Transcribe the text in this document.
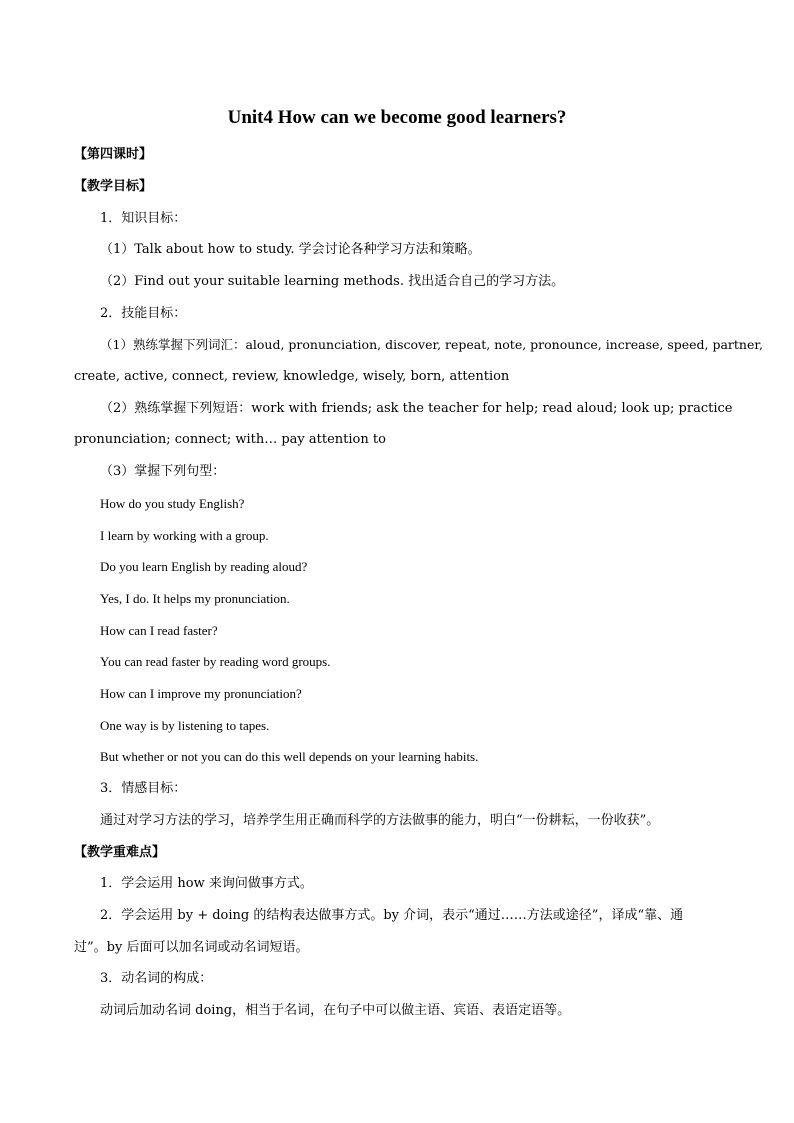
Unit4 How can we become good learners?
【第四课时】
【教学目标】
1．知识目标：
（1）Talk about how to study. 学会讨论各种学习方法和策略。
（2）Find out your suitable learning methods. 找出适合自己的学习方法。
2．技能目标：
（1）熟练掌握下列词汇：aloud, pronunciation, discover, repeat, note, pronounce, increase, speed, partner,
create, active, connect, review, knowledge, wisely, born, attention
（2）熟练掌握下列短语：work with friends; ask the teacher for help; read aloud; look up; practice
pronunciation; connect; with… pay attention to
（3）掌握下列句型：
How do you study English?
I learn by working with a group.
Do you learn English by reading aloud?
Yes, I do. It helps my pronunciation.
How can I read faster?
You can read faster by reading word groups.
How can I improve my pronunciation?
One way is by listening to tapes.
But whether or not you can do this well depends on your learning habits.
3．情感目标：
通过对学习方法的学习，培养学生用正确而科学的方法做事的能力，明白“一份耕耘，一份收获”。
【教学重难点】
1．学会运用 how 来询问做事方式。
2．学会运用 by + doing 的结构表达做事方式。by 介词，表示“通过……方法或途径”，译成“靠、通
过”。by 后面可以加名词或动名词短语。
3．动名词的构成：
动词后加动名词 doing，相当于名词，在句子中可以做主语、宾语、表语定语等。
